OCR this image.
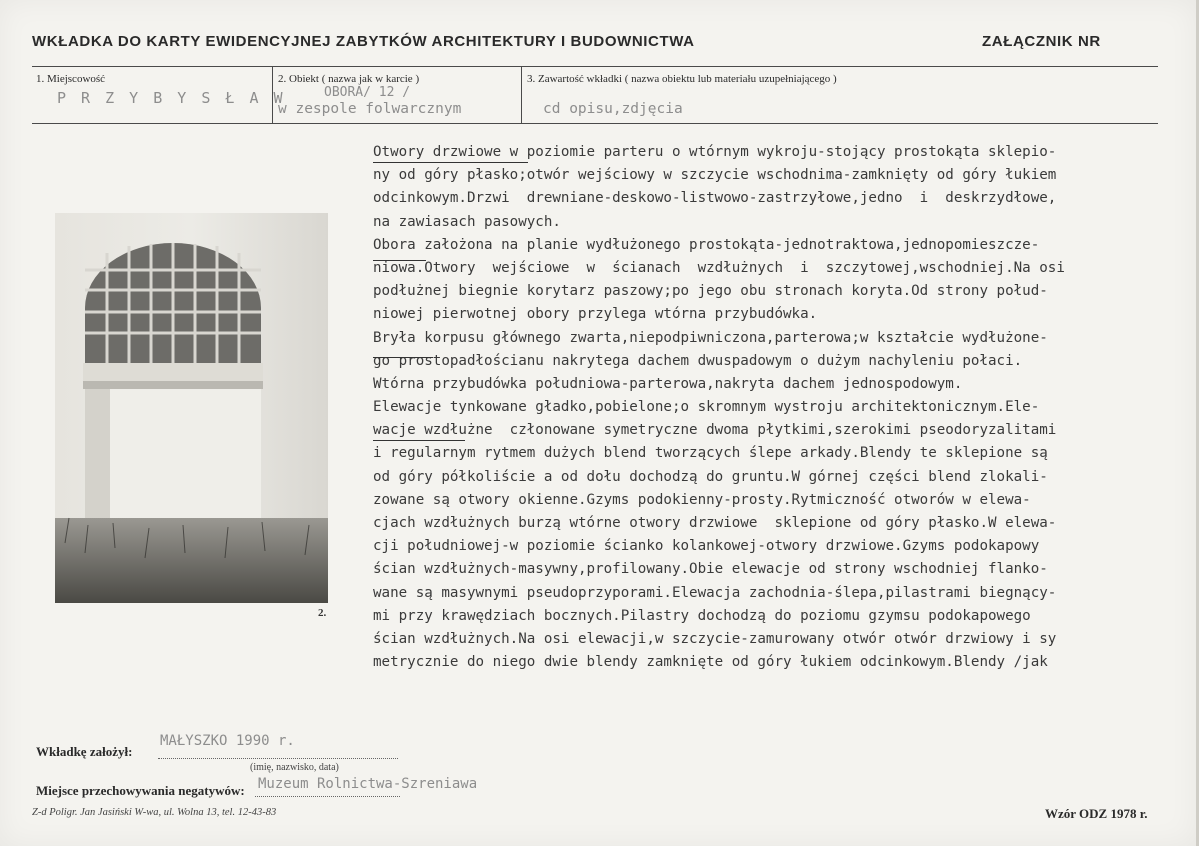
WKŁADKA DO KARTY EWIDENCYJNEJ ZABYTKÓW ARCHITEKTURY I BUDOWNICTWA	ZAŁĄCZNIK NR
1. Miejscowość
P R Z Y B Y S Ł A W
2. Obiekt ( nazwa jak w karcie )
OBORA/ 12 /
w zespole folwarcznym
3. Zawartość wkładki ( nazwa obiektu lub materiału uzupełniającego )
cd opisu,zdjęcia
2.
Otwory drzwiowe w poziomie parteru o wtórnym wykroju-stojący prostokąta sklepio-
ny od góry płasko;otwór wejściowy w szczycie wschodnima-zamknięty od góry łukiem
odcinkowym.Drzwi  drewniane-deskowo-listwowo-zastrzyłowe,jedno  i  deskrzydłowe,
na zawiasach pasowych.
Obora założona na planie wydłużonego prostokąta-jednotraktowa,jednopomieszcze-
niowa.Otwory  wejściowe  w  ścianach  wzdłużnych  i  szczytowej,wschodniej.Na osi
podłużnej biegnie korytarz paszowy;po jego obu stronach koryta.Od strony połud-
niowej pierwotnej obory przylega wtórna przybudówka.
Bryła korpusu głównego zwarta,niepodpiwniczona,parterowa;w kształcie wydłużone-
go prostopadłościanu nakrytega dachem dwuspadowym o dużym nachyleniu połaci.
Wtórna przybudówka południowa-parterowa,nakryta dachem jednospodowym.
Elewacje tynkowane gładko,pobielone;o skromnym wystroju architektonicznym.Ele-
wacje wzdłużne  członowane symetryczne dwoma płytkimi,szerokimi pseodoryzalitami
i regularnym rytmem dużych blend tworzących ślepe arkady.Blendy te sklepione są
od góry półkoliście a od dołu dochodzą do gruntu.W górnej części blend zlokali-
zowane są otwory okienne.Gzyms podokienny-prosty.Rytmiczność otworów w elewa-
cjach wzdłużnych burzą wtórne otwory drzwiowe  sklepione od góry płasko.W elewa-
cji południowej-w poziomie ścianko kolankowej-otwory drzwiowe.Gzyms podokapowy
ścian wzdłużnych-masywny,profilowany.Obie elewacje od strony wschodniej flanko-
wane są masywnymi pseudoprzyporami.Elewacja zachodnia-ślepa,pilastrami biegnący-
mi przy krawędziach bocznych.Pilastry dochodzą do poziomu gzymsu podokapowego
ścian wzdłużnych.Na osi elewacji,w szczycie-zamurowany otwór otwór drzwiowy i sy
metrycznie do niego dwie blendy zamknięte od góry łukiem odcinkowym.Blendy /jak
Wkładkę założył:
MAŁYSZKO 1990 r.
(imię, nazwisko, data)
Miejsce przechowywania negatywów: Muzeum Rolnictwa-Szreniawa
Z-d Poligr. Jan Jasiński W-wa, ul. Wolna 13, tel. 12-43-83	Wzór ODZ 1978 r.
